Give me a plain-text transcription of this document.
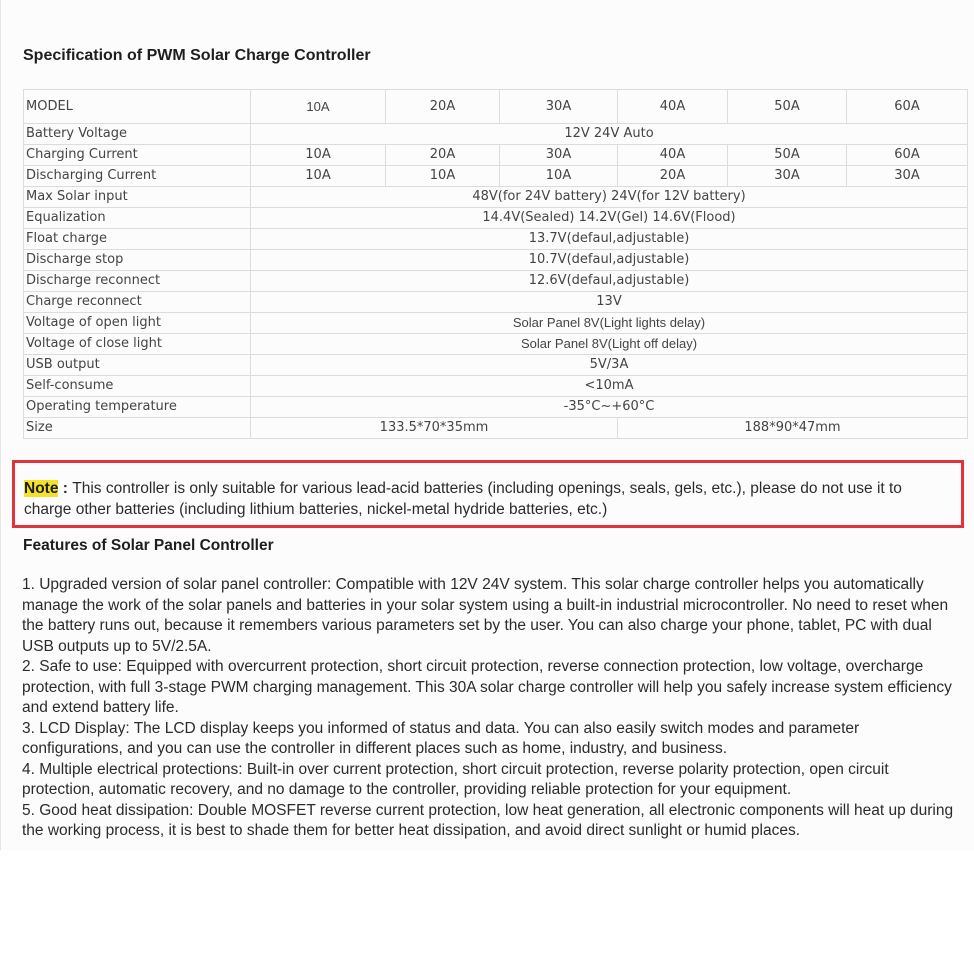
Specification of PWM Solar Charge Controller
MODEL	10A	20A	30A	40A	50A	60A
Battery Voltage	12V 24V Auto					
Charging Current	10A	20A	30A	40A	50A	60A
Discharging Current	10A	10A	10A	20A	30A	30A
Max Solar input	48V(for 24V battery) 24V(for 12V battery)					
Equalization	14.4V(Sealed) 14.2V(Gel) 14.6V(Flood)					
Float charge	13.7V(defaul,adjustable)					
Discharge stop	10.7V(defaul,adjustable)					
Discharge reconnect	12.6V(defaul,adjustable)					
Charge reconnect	13V					
Voltage of open light	Solar Panel 8V(Light lights delay)					
Voltage of close light	Solar Panel 8V(Light off delay)					
USB output	5V/3A					
Self-consume	<10mA					
Operating temperature	-35°C~+60°C					
Size	133.5*70*35mm			188*90*47mm		
Note : This controller is only suitable for various lead-acid batteries (including openings, seals, gels, etc.), please do not use it to charge other batteries (including lithium batteries, nickel-metal hydride batteries, etc.)
Features of Solar Panel Controller

1. Upgraded version of solar panel controller: Compatible with 12V 24V system. This solar charge controller helps you automatically manage the work of the solar panels and batteries in your solar system using a built-in industrial microcontroller. No need to reset when the battery runs out, because it remembers various parameters set by the user. You can also charge your phone, tablet, PC with dual USB outputs up to 5V/2.5A.

2. Safe to use: Equipped with overcurrent protection, short circuit protection, reverse connection protection, low voltage, overcharge protection, with full 3-stage PWM charging management. This 30A solar charge controller will help you safely increase system efficiency and extend battery life.

3. LCD Display: The LCD display keeps you informed of status and data. You can also easily switch modes and parameter configurations, and you can use the controller in different places such as home, industry, and business.

4. Multiple electrical protections: Built-in over current protection, short circuit protection, reverse polarity protection, open circuit protection, automatic recovery, and no damage to the controller, providing reliable protection for your equipment.

5. Good heat dissipation: Double MOSFET reverse current protection, low heat generation, all electronic components will heat up during the working process, it is best to shade them for better heat dissipation, and avoid direct sunlight or humid places.
